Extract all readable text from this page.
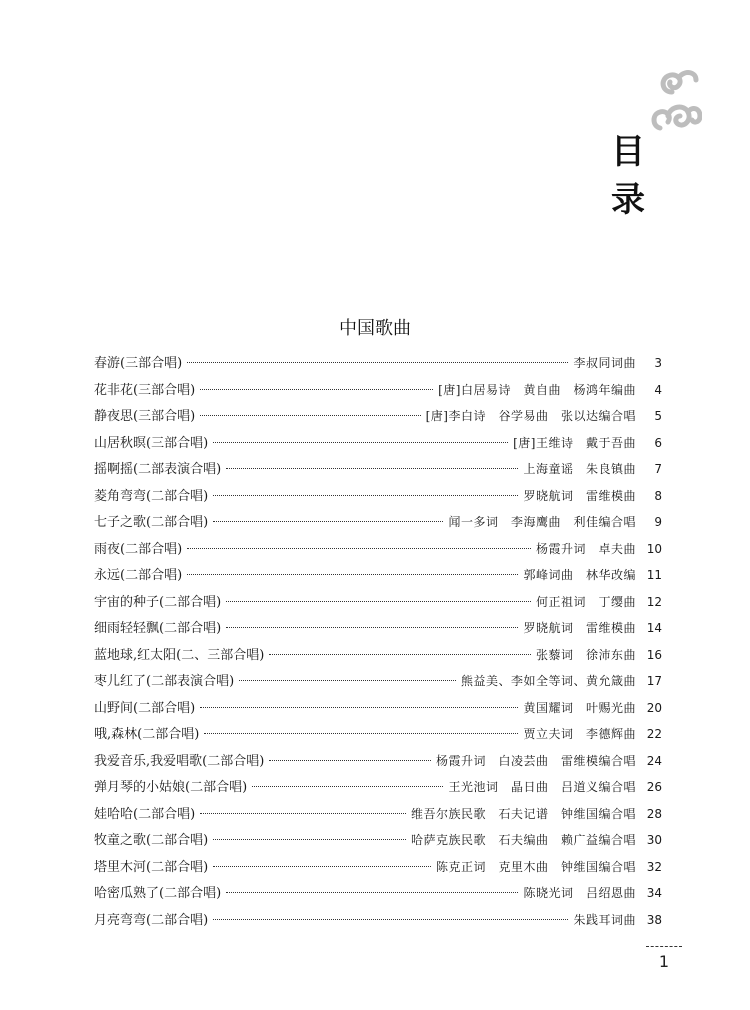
目
录
中国歌曲
春游(三部合唱)	李叔同词曲	3
花非花(三部合唱)	[唐]白居易诗　黄自曲　杨鸿年编曲	4
静夜思(三部合唱)	[唐]李白诗　谷学易曲　张以达编合唱	5
山居秋暝(三部合唱)	[唐]王维诗　戴于吾曲	6
摇啊摇(二部表演合唱)	上海童谣　朱良镇曲	7
菱角弯弯(二部合唱)	罗晓航词　雷维模曲	8
七子之歌(二部合唱)	闻一多词　李海鹰曲　利佳编合唱	9
雨夜(二部合唱)	杨霞升词　卓夫曲 10
永远(二部合唱)	郭峰词曲　林华改编 11
宇宙的种子(二部合唱)	何正祖词　丁缨曲 12
细雨轻轻飘(二部合唱)	罗晓航词　雷维模曲 14
蓝地球,红太阳(二、三部合唱)	张藜词　徐沛东曲 16
枣儿红了(二部表演合唱)	熊益美、李如全等词、黄允箴曲 17
山野间(二部合唱)	黄国耀词　叶赐光曲 20
哦,森林(二部合唱)	贾立夫词　李德辉曲 22
我爱音乐,我爱唱歌(二部合唱)	杨霞升词　白凌芸曲　雷维模编合唱 24
弹月琴的小姑娘(二部合唱)	王光池词　晶日曲　吕道义编合唱 26
娃哈哈(二部合唱)	维吾尔族民歌　石夫记谱　钟维国编合唱 28
牧童之歌(二部合唱)	哈萨克族民歌　石夫编曲　赖广益编合唱 30
塔里木河(二部合唱)	陈克正词　克里木曲　钟维国编合唱 32
哈密瓜熟了(二部合唱)	陈晓光词　吕绍恩曲 34
月亮弯弯(二部合唱)	朱践耳词曲 38
1
